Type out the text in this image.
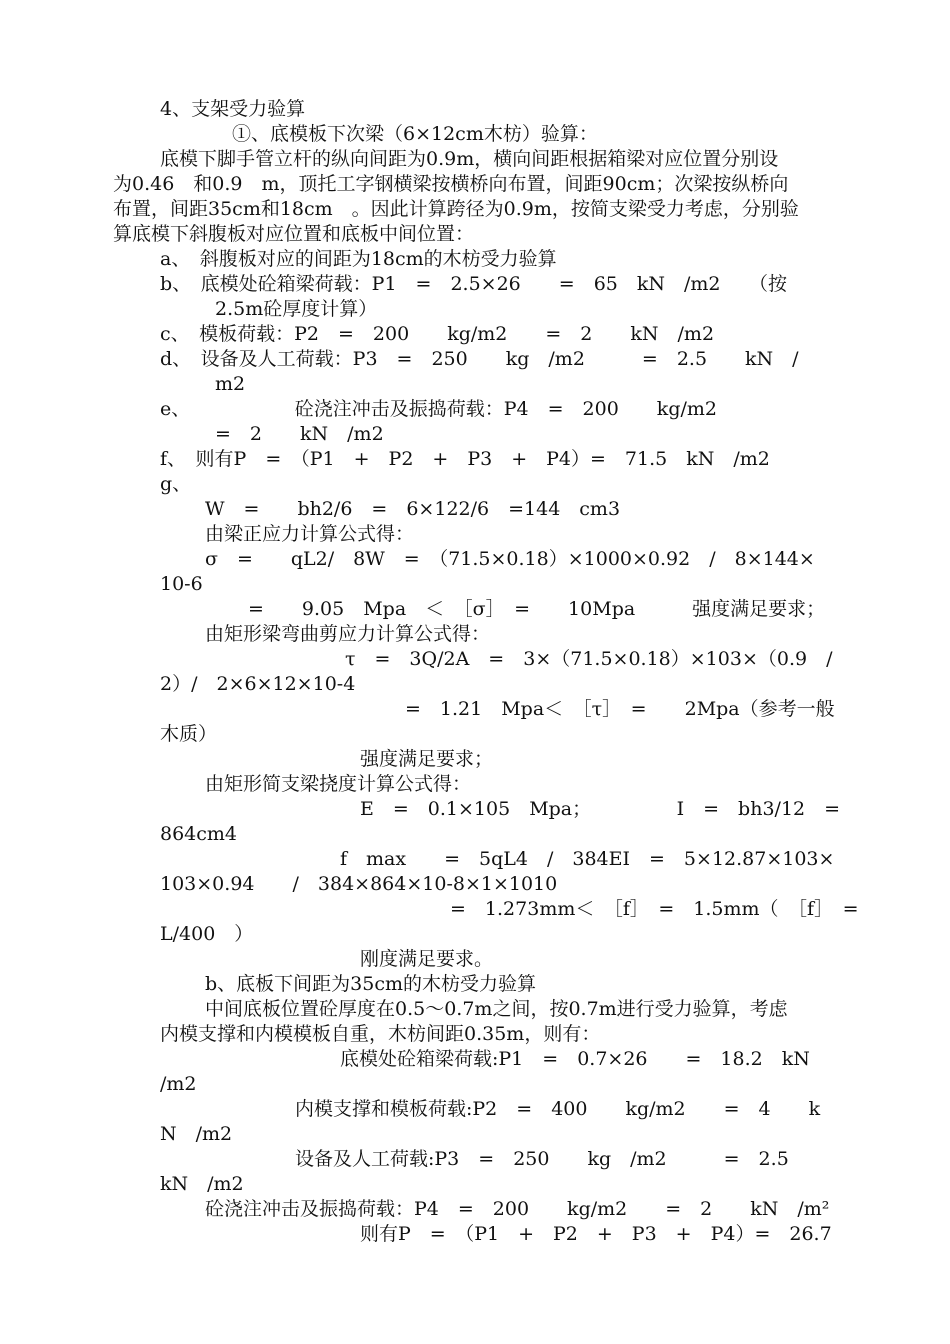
4、支架受力验算
①、底模板下次梁（6×12cm木枋）验算：
底模下脚手管立杆的纵向间距为0.9m，横向间距根据箱梁对应位置分别设
为0.46　和0.9　m，顶托工字钢横梁按横桥向布置，间距90cm；次梁按纵桥向
布置，间距35cm和18cm　。因此计算跨径为0.9m，按简支梁受力考虑，分别验
算底模下斜腹板对应位置和底板中间位置：
a、　斜腹板对应的间距为18cm的木枋受力验算
b、　底模处砼箱梁荷载：P1　=　2.5×26　　=　65　kN　/m2　　（按
2.5m砼厚度计算）
c、　模板荷载：P2　=　200　　kg/m2　　=　2　　kN　/m2
d、　设备及人工荷载：P3　=　250　　kg　/m2　　　=　2.5　　kN　/
m2
e、　　　　　　砼浇注冲击及振捣荷载：P4　=　200　　kg/m2
=　2　　kN　/m2
f、　则有P　=　（P1　+　P2　+　P3　+　P4）=　71.5　kN　/m2
g、
W　=　　bh2/6　=　6×122/6　=144　cm3
由梁正应力计算公式得：
σ　=　　qL2/　8W　=　（71.5×0.18）×1000×0.92　/　8×144×
10-6
=　　9.05　Mpa　＜　［σ］　=　　10Mpa　　　强度满足要求；
由矩形梁弯曲剪应力计算公式得：
τ　=　3Q/2A　=　3×（71.5×0.18）×103×（0.9　/
2）/　2×6×12×10-4
=　1.21　Mpa＜　［τ］　=　　2Mpa（参考一般
木质）
强度满足要求；
由矩形简支梁挠度计算公式得：
E　=　0.1×105　Mpa；　　　　　I　=　bh3/12　=
864cm4
f　max　　=　5qL4　/　384EI　=　5×12.87×103×
103×0.94　　/　384×864×10-8×1×1010
=　1.273mm＜　［f］　=　1.5mm（　［f］　=
L/400　）
刚度满足要求。
b、底板下间距为35cm的木枋受力验算
中间底板位置砼厚度在0.5～0.7m之间，按0.7m进行受力验算，考虑
内模支撑和内模模板自重，木枋间距0.35m，则有：
底模处砼箱梁荷载:P1　=　0.7×26　　=　18.2　kN
/m2
内模支撑和模板荷载:P2　=　400　　kg/m2　　=　4　　k
N　/m2
设备及人工荷载:P3　=　250　　kg　/m2　　　=　2.5
kN　/m2
砼浇注冲击及振捣荷载：P4　=　200　　kg/m2　　=　2　　kN　/m²
则有P　=　（P1　+　P2　+　P3　+　P4）=　26.7
